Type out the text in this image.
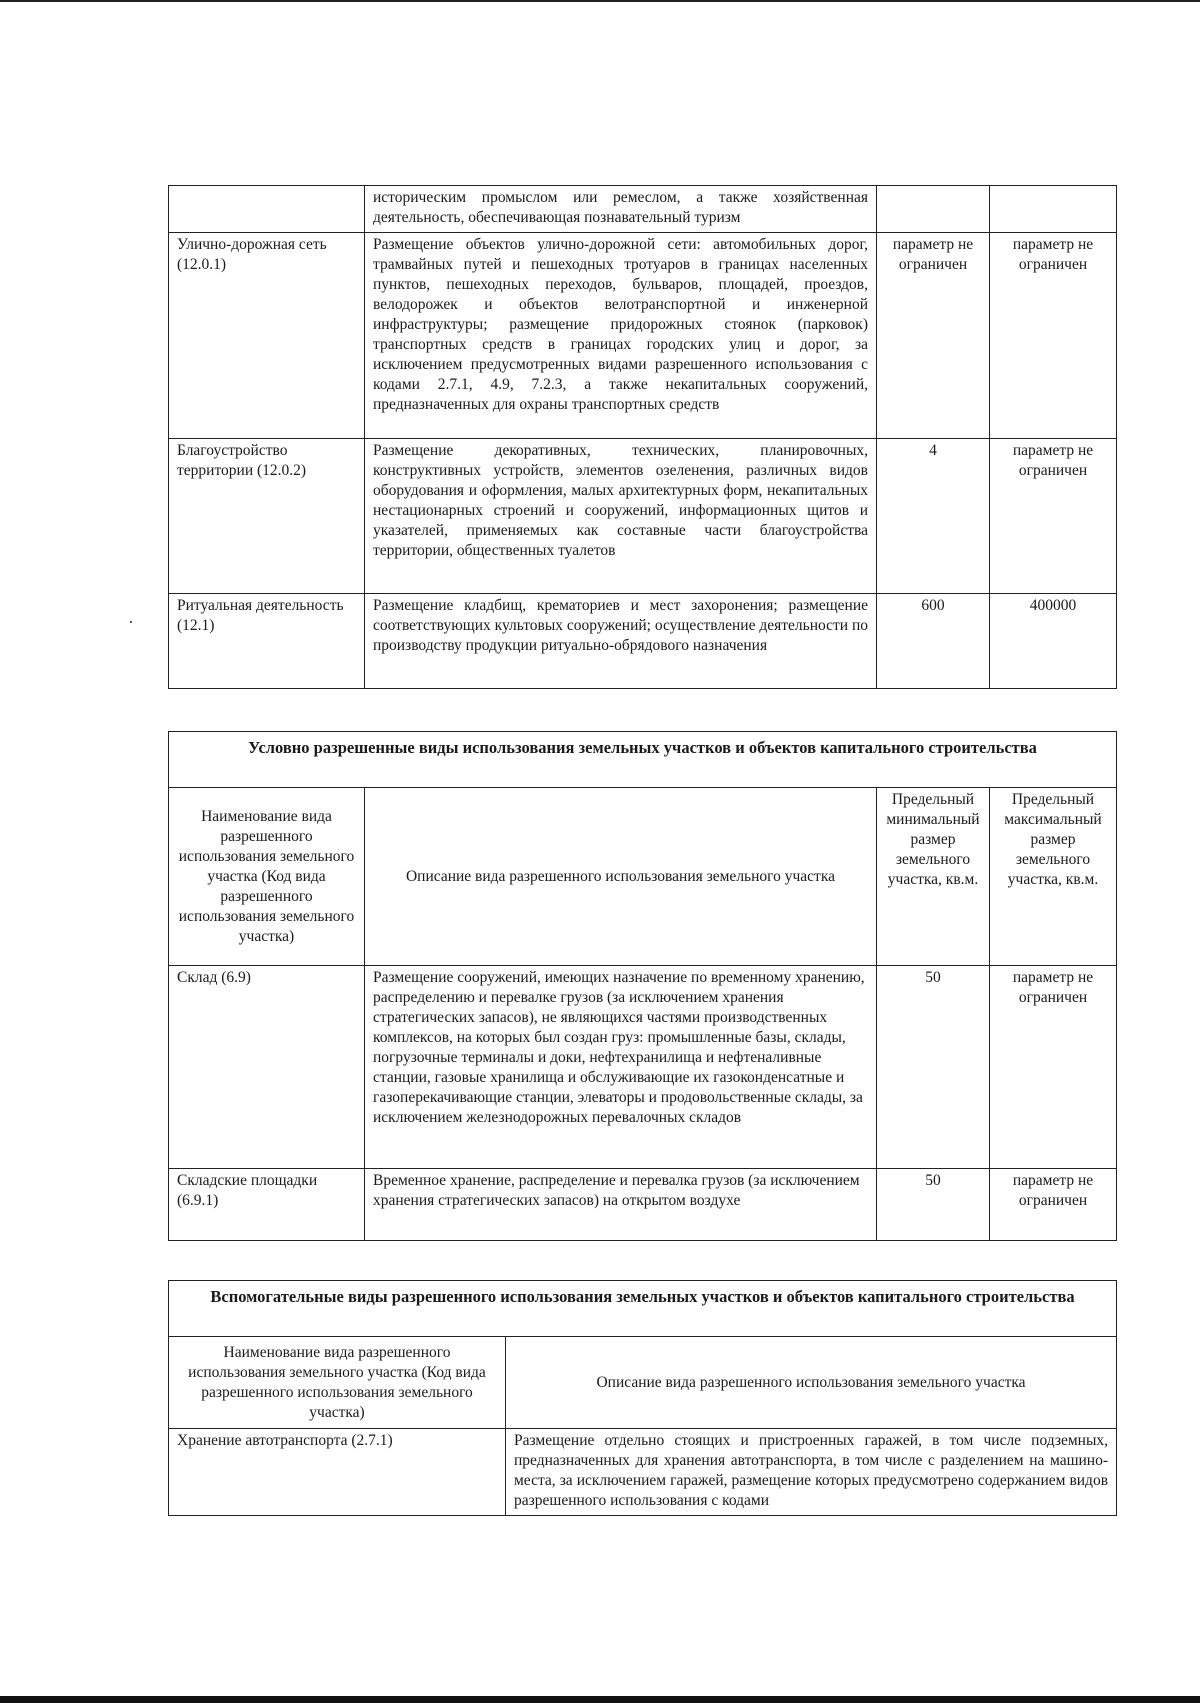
	историческим промыслом или ремеслом, а также хозяйственная деятельность, обеспечивающая познавательный туризм		
Улично-дорожная сеть (12.0.1)	Размещение объектов улично-дорожной сети: автомобильных дорог, трамвайных путей и пешеходных тротуаров в границах населенных пунктов, пешеходных переходов, бульваров, площадей, проездов, велодорожек и объектов велотранспортной и инженерной инфраструктуры; размещение придорожных стоянок (парковок) транспортных средств в границах городских улиц и дорог, за исключением предусмотренных видами разрешенного использования с кодами 2.7.1, 4.9, 7.2.3, а также некапитальных сооружений, предназначенных для охраны транспортных средств	параметр не ограничен	параметр не ограничен
Благоустройство территории (12.0.2)	Размещение декоративных, технических, планировочных, конструктивных устройств, элементов озеленения, различных видов оборудования и оформления, малых архитектурных форм, некапитальных нестационарных строений и сооружений, информационных щитов и указателей, применяемых как составные части благоустройства территории, общественных туалетов	4	параметр не ограничен
Ритуальная деятельность (12.1)	Размещение кладбищ, крематориев и мест захоронения; размещение соответствующих культовых сооружений; осуществление деятельности по производству продукции ритуально-обрядового назначения	600	400000
Условно разрешенные виды использования земельных участков и объектов капитального строительства			
Наименование вида разрешенного использования земельного участка (Код вида разрешенного использования земельного участка)	Описание вида разрешенного использования земельного участка	Предельный минимальный размер земельного участка, кв.м.	Предельный максимальный размер земельного участка, кв.м.
Склад (6.9)	Размещение сооружений, имеющих назначение по временному хранению, распределению и перевалке грузов (за исключением хранения стратегических запасов), не являющихся частями производственных комплексов, на которых был создан груз: промышленные базы, склады, погрузочные терминалы и доки, нефтехранилища и нефтеналивные станции, газовые хранилища и обслуживающие их газоконденсатные и газоперекачивающие станции, элеваторы и продовольственные склады, за исключением железнодорожных перевалочных складов	50	параметр не ограничен
Складские площадки (6.9.1)	Временное хранение, распределение и перевалка грузов (за исключением хранения стратегических запасов) на открытом воздухе	50	параметр не ограничен
Вспомогательные виды разрешенного использования земельных участков и объектов капитального строительства	
Наименование вида разрешенного использования земельного участка (Код вида разрешенного использования земельного участка)	Описание вида разрешенного использования земельного участка
Хранение автотранспорта (2.7.1)	Размещение отдельно стоящих и пристроенных гаражей, в том числе подземных, предназначенных для хранения автотранспорта, в том числе с разделением на машино-места, за исключением гаражей, размещение которых предусмотрено содержанием видов разрешенного использования с кодами
